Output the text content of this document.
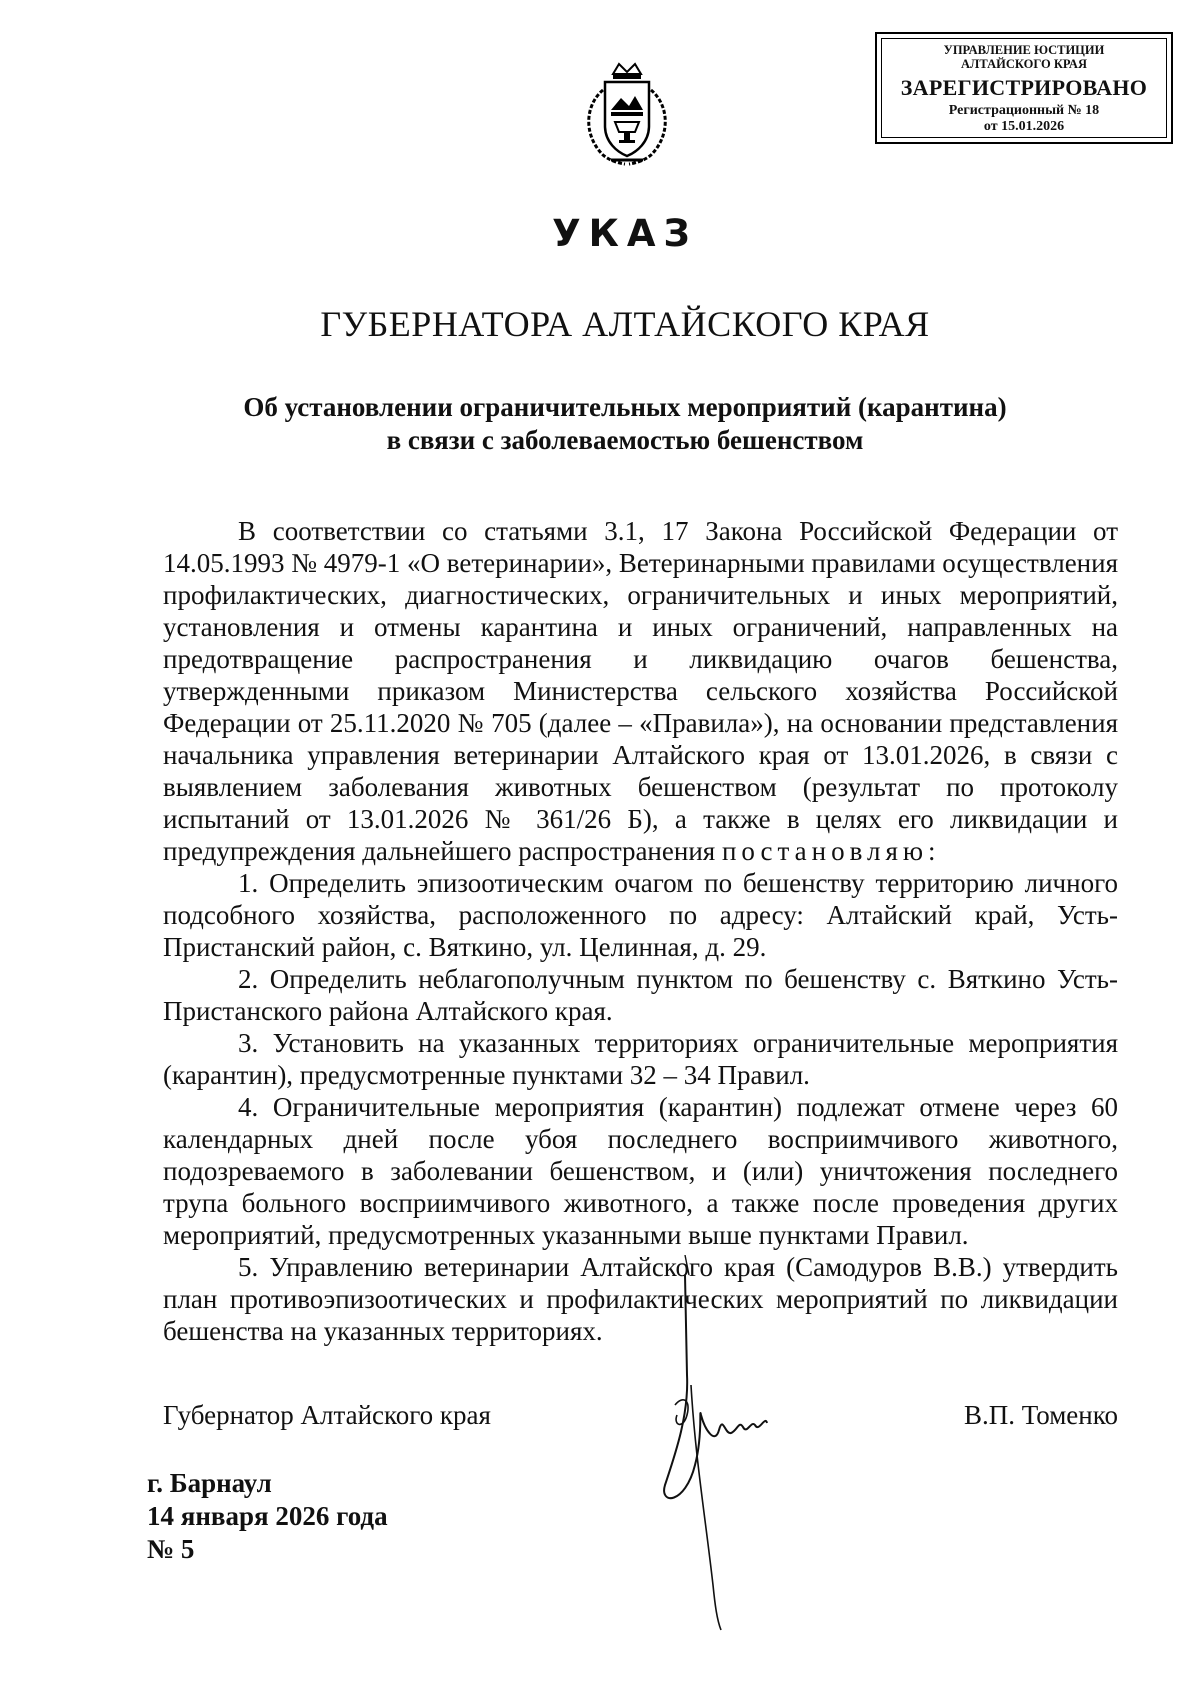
УПРАВЛЕНИЕ ЮСТИЦИИ
АЛТАЙСКОГО КРАЯ
ЗАРЕГИСТРИРОВАНО
Регистрационный № 18
от 15.01.2026
УКАЗ
ГУБЕРНАТОРА АЛТАЙСКОГО КРАЯ
Об установлении ограничительных мероприятий (карантина)
в связи с заболеваемостью бешенством

В соответствии со статьями 3.1, 17 Закона Российской Федерации от 14.05.1993 № 4979-1 «О ветеринарии», Ветеринарными правилами осуществления профилактических, диагностических, ограничительных и иных мероприятий, установления и отмены карантина и иных ограничений, направленных на предотвращение распространения и ликвидацию очагов бешенства, утвержденными приказом Министерства сельского хозяйства Российской Федерации от 25.11.2020 № 705 (далее – «Правила»), на основании представления начальника управления ветеринарии Алтайского края от 13.01.2026, в связи с выявлением заболевания животных бешенством (результат по протоколу испытаний от 13.01.2026 № 361/26 Б), а также в целях его ликвидации и предупреждения дальнейшего распространения постановляю:

1. Определить эпизоотическим очагом по бешенству территорию личного подсобного хозяйства, расположенного по адресу: Алтайский край, Усть-Пристанский район, с. Вяткино, ул. Целинная, д. 29.

2. Определить неблагополучным пунктом по бешенству с. Вяткино Усть-Пристанского района Алтайского края.

3. Установить на указанных территориях ограничительные мероприятия (карантин), предусмотренные пунктами 32 – 34 Правил.

4. Ограничительные мероприятия (карантин) подлежат отмене через 60 календарных дней после убоя последнего восприимчивого животного, подозреваемого в заболевании бешенством, и (или) уничтожения последнего трупа больного восприимчивого животного, а также после проведения других мероприятий, предусмотренных указанными выше пунктами Правил.

5. Управлению ветеринарии Алтайского края (Самодуров В.В.) утвердить план противоэпизоотических и профилактических мероприятий по ликвидации бешенства на указанных территориях.

Губернатор Алтайского края	В.П. Томенко
г. Барнаул
14 января 2026 года
№ 5
